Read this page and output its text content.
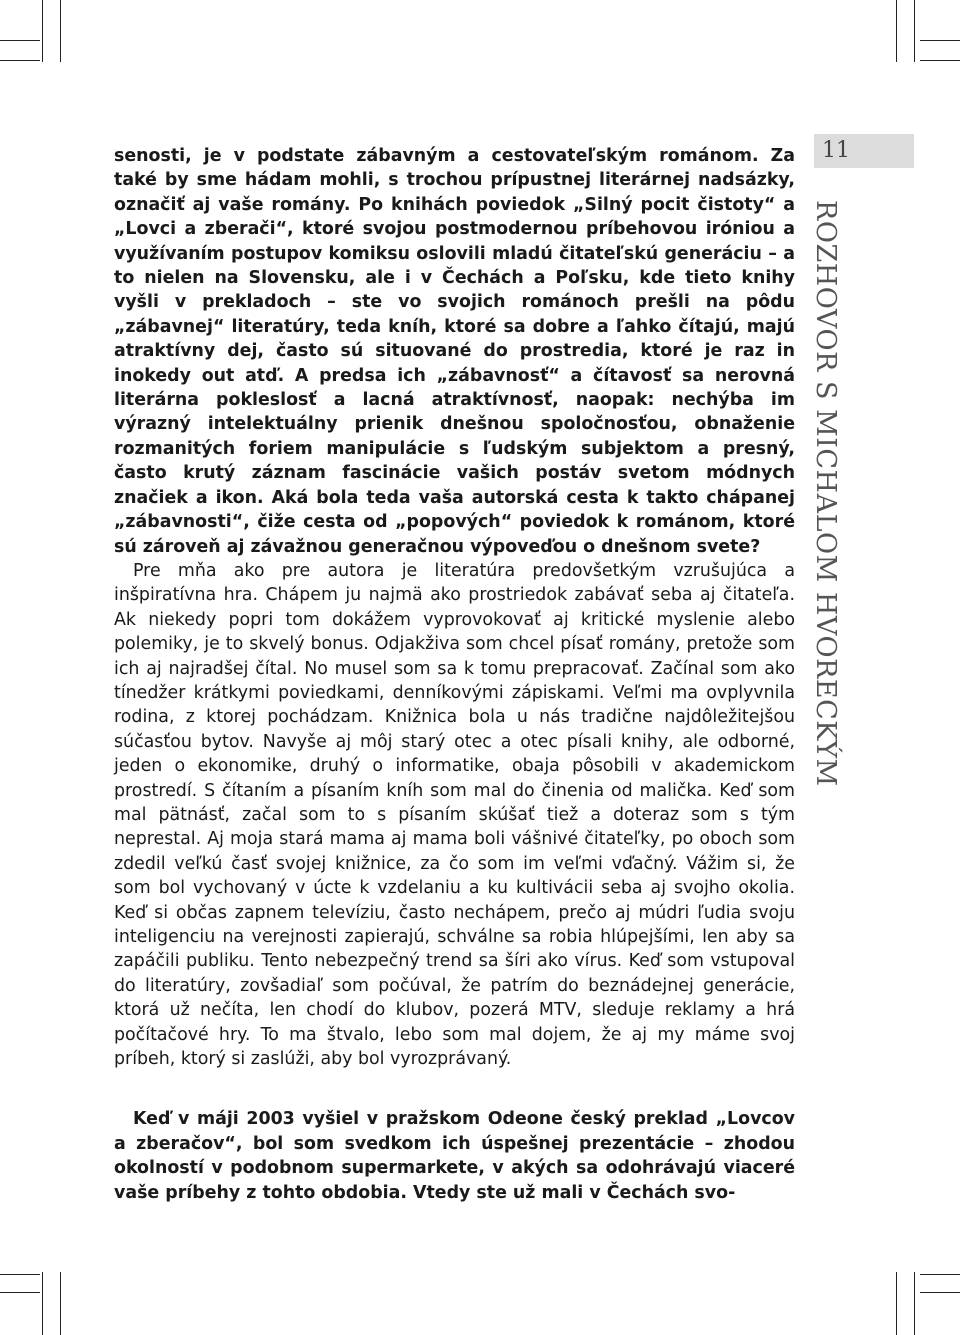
11
ROZHOVOR S MICHALOM HVORECKÝM

senosti, je v podstate zábavným a cestovateľským románom. Za také by sme hádam mohli, s trochou prípustnej literárnej nadsázky, označiť aj vaše romány. Po knihách poviedok „Silný pocit čistoty“ a „Lovci a zberači“, ktoré svojou postmodernou príbehovou iróniou a využívaním postupov komiksu oslovili mladú čitateľskú generáciu – a to nielen na Slovensku, ale i v Čechách a Poľsku, kde tieto knihy vyšli v prekladoch – ste vo svojich románoch prešli na pôdu „zábavnej“ literatúry, teda kníh, ktoré sa dobre a ľahko čítajú, majú atraktívny dej, často sú situované do prostredia, ktoré je raz in inokedy out atď. A predsa ich „zábavnosť“ a čítavosť sa nerovná literárna pokleslosť a lacná atraktívnosť, naopak: nechýba im výrazný intelektuálny prienik dnešnou spoločnosťou, obnaženie rozmanitých foriem manipulácie s ľudským subjektom a presný, často krutý záznam fascinácie vašich postáv svetom módnych značiek a ikon. Aká bola teda vaša autorská cesta k takto chápanej „zábavnosti“, čiže cesta od „popových“ poviedok k románom, ktoré sú zároveň aj závažnou generačnou výpoveďou o dnešnom svete?

Pre mňa ako pre autora je literatúra predovšetkým vzrušujúca a inšpiratívna hra. Chápem ju najmä ako prostriedok zabávať seba aj čitateľa. Ak niekedy popri tom dokážem vyprovokovať aj kritické myslenie alebo polemiky, je to skvelý bonus. Odjakživa som chcel písať romány, pretože som ich aj najradšej čítal. No musel som sa k tomu prepracovať. Začínal som ako tínedžer krátkymi poviedkami, denníkovými zápiskami. Veľmi ma ovplyvnila rodina, z ktorej pochádzam. Knižnica bola u nás tradične najdôležitejšou súčasťou bytov. Navyše aj môj starý otec a otec písali knihy, ale odborné, jeden o ekonomike, druhý o informatike, obaja pôsobili v akademickom prostredí. S čítaním a písaním kníh som mal do činenia od malička. Keď som mal pätnásť, začal som to s písaním skúšať tiež a doteraz som s tým neprestal. Aj moja stará mama aj mama boli vášnivé čitateľky, po oboch som zdedil veľkú časť svojej knižnice, za čo som im veľmi vďačný. Vážim si, že som bol vychovaný v úcte k vzdelaniu a ku kultivácii seba aj svojho okolia. Keď si občas zapnem televíziu, často nechápem, prečo aj múdri ľudia svoju inteligenciu na verejnosti zapierajú, schválne sa robia hlúpejšími, len aby sa zapáčili publiku. Tento nebezpečný trend sa šíri ako vírus. Keď som vstupoval do literatúry, zovšadiaľ som počúval, že patrím do beznádejnej generácie, ktorá už nečíta, len chodí do klubov, pozerá MTV, sleduje reklamy a hrá počítačové hry. To ma štvalo, lebo som mal dojem, že aj my máme svoj príbeh, ktorý si zaslúži, aby bol vyrozprávaný.

Keď v máji 2003 vyšiel v pražskom Odeone český preklad „Lovcov a zberačov“, bol som svedkom ich úspešnej prezentácie – zhodou okolností v podobnom supermarkete, v akých sa odohrávajú viaceré vaše príbehy z tohto obdobia. Vtedy ste už mali v Čechách svo-
